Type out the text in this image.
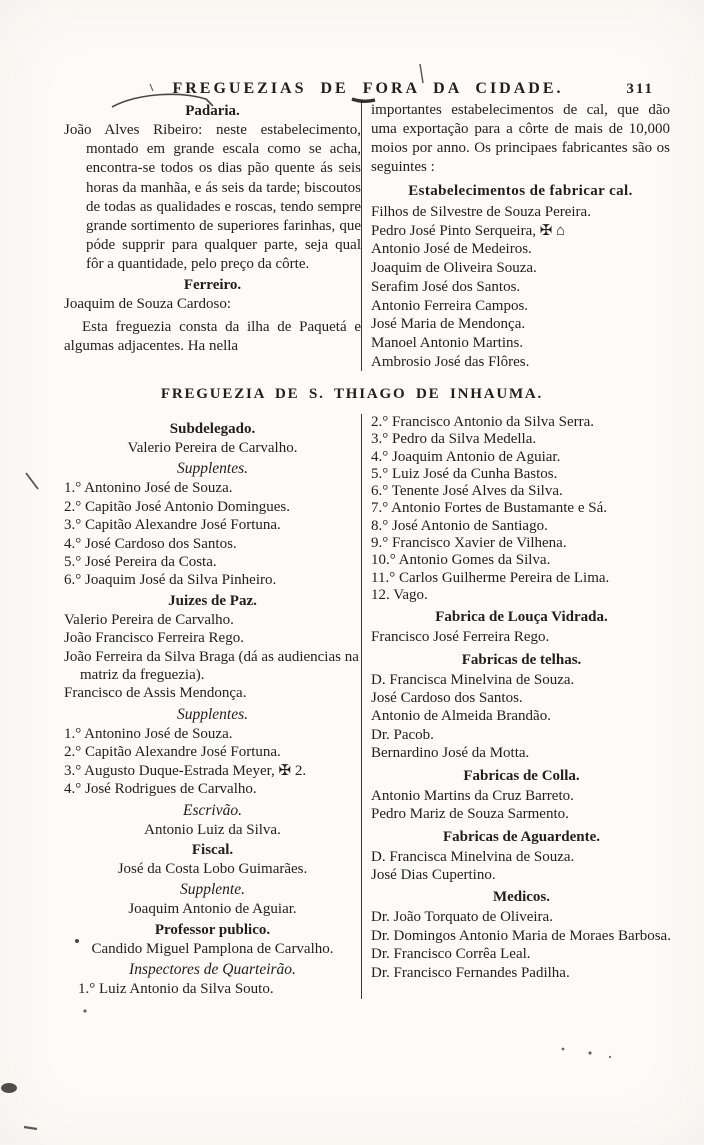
FREGUEZIAS DE FORA DA CIDADE.	311
Padaria.
João Alves Ribeiro: neste estabelecimento, montado em grande escala como se acha, encontra-se todos os dias pão quente ás seis horas da manhãa, e ás seis da tarde; biscoutos de todas as qualidades e roscas, tendo sempre grande sortimento de superiores farinhas, que póde supprir para qualquer parte, seja qual fôr a quantidade, pelo preço da côrte.
Ferreiro.
Joaquim de Souza Cardoso:
Esta freguezia consta da ilha de Paquetá e algumas adjacentes. Ha nella
importantes estabelecimentos de cal, que dão uma exportação para a côrte de mais de 10,000 moios por anno. Os principaes fabricantes são os seguintes :
Estabelecimentos de fabricar cal.
Filhos de Silvestre de Souza Pereira.
Pedro José Pinto Serqueira, ✠ ⌂
Antonio José de Medeiros.
Joaquim de Oliveira Souza.
Serafim José dos Santos.
Antonio Ferreira Campos.
José Maria de Mendonça.
Manoel Antonio Martins.
Ambrosio José das Flôres.
FREGUEZIA DE S. THIAGO DE INHAUMA.
Subdelegado.
Valerio Pereira de Carvalho.
Supplentes.
1.° Antonino José de Souza.
2.° Capitão José Antonio Domingues.
3.° Capitão Alexandre José Fortuna.
4.° José Cardoso dos Santos.
5.° José Pereira da Costa.
6.° Joaquim José da Silva Pinheiro.
Juizes de Paz.
Valerio Pereira de Carvalho.
João Francisco Ferreira Rego.
João Ferreira da Silva Braga (dá as audiencias na matriz da freguezia).
Francisco de Assis Mendonça.
Supplentes.
1.° Antonino José de Souza.
2.° Capitão Alexandre José Fortuna.
3.° Augusto Duque-Estrada Meyer, ✠ 2.
4.° José Rodrigues de Carvalho.
Escrivão.
Antonio Luiz da Silva.
Fiscal.
José da Costa Lobo Guimarães.
Supplente.
Joaquim Antonio de Aguiar.
Professor publico.
Candido Miguel Pamplona de Carvalho.
Inspectores de Quarteirão.
1.° Luiz Antonio da Silva Souto.
2.° Francisco Antonio da Silva Serra.
3.° Pedro da Silva Medella.
4.° Joaquim Antonio de Aguiar.
5.° Luiz José da Cunha Bastos.
6.° Tenente José Alves da Silva.
7.° Antonio Fortes de Bustamante e Sá.
8.° José Antonio de Santiago.
9.° Francisco Xavier de Vilhena.
10.° Antonio Gomes da Silva.
11.° Carlos Guilherme Pereira de Lima.
12. Vago.
Fabrica de Louça Vidrada.
Francisco José Ferreira Rego.
Fabricas de telhas.
D. Francisca Minelvina de Souza.
José Cardoso dos Santos.
Antonio de Almeida Brandão.
Dr. Pacob.
Bernardino José da Motta.
Fabricas de Colla.
Antonio Martins da Cruz Barreto.
Pedro Mariz de Souza Sarmento.
Fabricas de Aguardente.
D. Francisca Minelvina de Souza.
José Dias Cupertino.
Medicos.
Dr. João Torquato de Oliveira.
Dr. Domingos Antonio Maria de Moraes Barbosa.
Dr. Francisco Corrêa Leal.
Dr. Francisco Fernandes Padilha.
